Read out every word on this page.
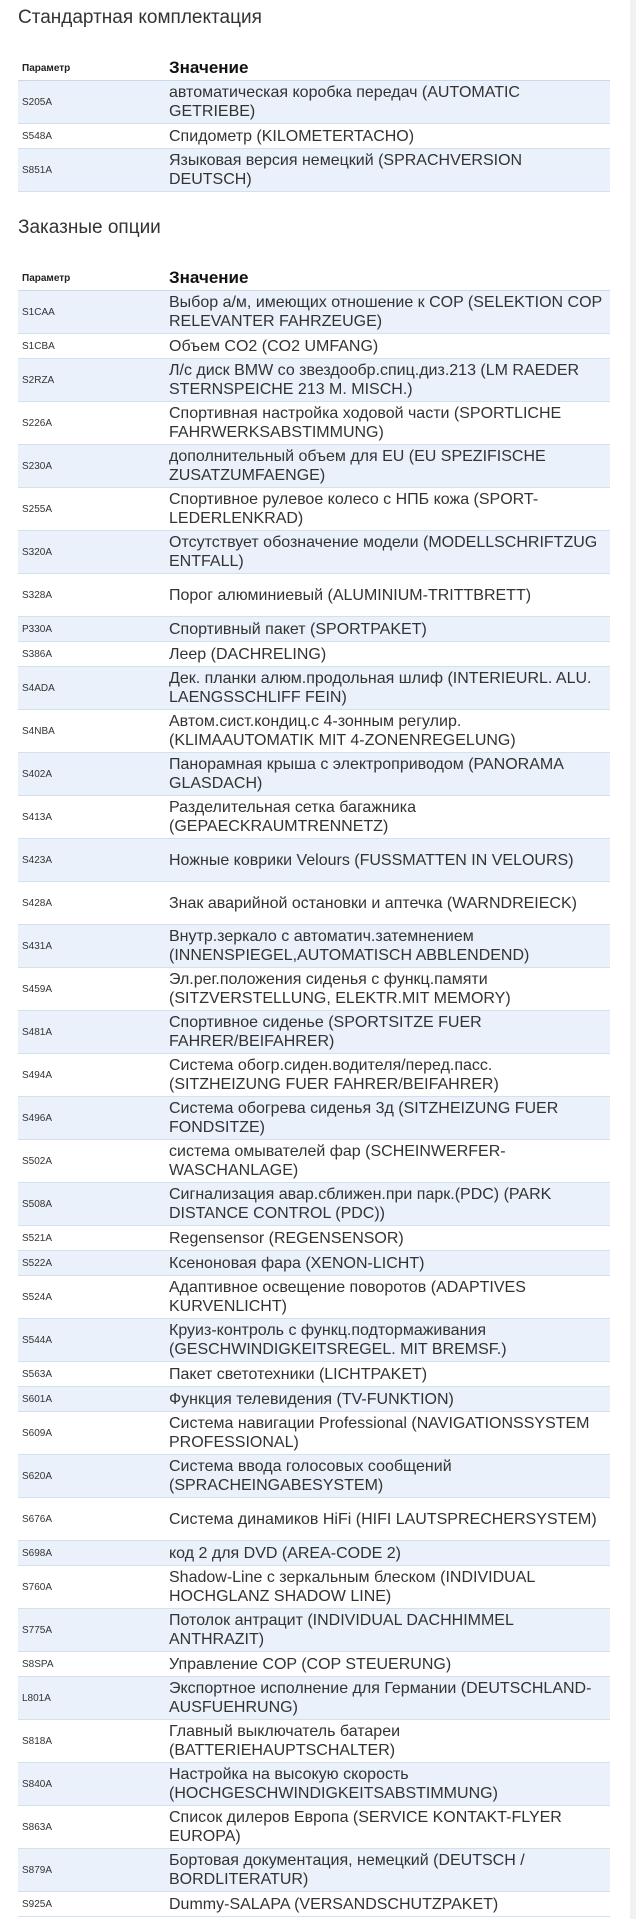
Стандартная комплектация
Параметр	Значение
S205A	автоматическая коробка передач (AUTOMATIC GETRIEBE)
S548A	Спидометр (KILOMETERTACHO)
S851A	Языковая версия немецкий (SPRACHVERSION DEUTSCH)
Заказные опции
Параметр	Значение
S1CAA	Выбор а/м, имеющих отношение к COP (SELEKTION COP RELEVANTER FAHRZEUGE)
S1CBA	Объем CO2 (CO2 UMFANG)
S2RZA	Л/с диск BMW со звездообр.спиц.диз.213 (LM RAEDER STERNSPEICHE 213 M. MISCH.)
S226A	Спортивная настройка ходовой части (SPORTLICHE FAHRWERKSABSTIMMUNG)
S230A	дополнительный объем для EU (EU SPEZIFISCHE ZUSATZUMFAENGE)
S255A	Спортивное рулевое колесо с НПБ кожа (SPORT-LEDERLENKRAD)
S320A	Отсутствует обозначение модели (MODELLSCHRIFTZUG ENTFALL)
S328A	Порог алюминиевый (ALUMINIUM-TRITTBRETT)
P330A	Спортивный пакет (SPORTPAKET)
S386A	Леер (DACHRELING)
S4ADA	Дек. планки алюм.продольная шлиф (INTERIEURL. ALU. LAENGSSCHLIFF FEIN)
S4NBA	Автом.сист.кондиц.с 4-зонным регулир. (KLIMAAUTOMATIK MIT 4-ZONENREGELUNG)
S402A	Панорамная крыша с электроприводом (PANORAMA GLASDACH)
S413A	Разделительная сетка багажника (GEPAECKRAUMTRENNETZ)
S423A	Ножные коврики Velours (FUSSMATTEN IN VELOURS)
S428A	Знак аварийной остановки и аптечка (WARNDREIECK)
S431A	Внутр.зеркало с автоматич.затемнением (INNENSPIEGEL,AUTOMATISCH ABBLENDEND)
S459A	Эл.рег.положения сиденья с функц.памяти (SITZVERSTELLUNG, ELEKTR.MIT MEMORY)
S481A	Спортивное сиденье (SPORTSITZE FUER FAHRER/BEIFAHRER)
S494A	Система обогр.сиден.водителя/перед.пасс. (SITZHEIZUNG FUER FAHRER/BEIFAHRER)
S496A	Система обогрева сиденья 3д (SITZHEIZUNG FUER FONDSITZE)
S502A	система омывателей фар (SCHEINWERFER-WASCHANLAGE)
S508A	Сигнализация авар.сближен.при парк.(PDC) (PARK DISTANCE CONTROL (PDC))
S521A	Regensensor (REGENSENSOR)
S522A	Ксеноновая фара (XENON-LICHT)
S524A	Адаптивное освещение поворотов (ADAPTIVES KURVENLICHT)
S544A	Круиз-контроль с функц.подтормаживания (GESCHWINDIGKEITSREGEL. MIT BREMSF.)
S563A	Пакет светотехники (LICHTPAKET)
S601A	Функция телевидения (TV-FUNKTION)
S609A	Система навигации Professional (NAVIGATIONSSYSTEM PROFESSIONAL)
S620A	Система ввода голосовых сообщений (SPRACHEINGABESYSTEM)
S676A	Система динамиков HiFi (HIFI LAUTSPRECHERSYSTEM)
S698A	код 2 для DVD (AREA-CODE 2)
S760A	Shadow-Line с зеркальным блеском (INDIVIDUAL HOCHGLANZ SHADOW LINE)
S775A	Потолок антрацит (INDIVIDUAL DACHHIMMEL ANTHRAZIT)
S8SPA	Управление COP (COP STEUERUNG)
L801A	Экспортное исполнение для Германии (DEUTSCHLAND-AUSFUEHRUNG)
S818A	Главный выключатель батареи (BATTERIEHAUPTSCHALTER)
S840A	Настройка на высокую скорость (HOCHGESCHWINDIGKEITSABSTIMMUNG)
S863A	Список дилеров Европа (SERVICE KONTAKT-FLYER EUROPA)
S879A	Бортовая документация, немецкий (DEUTSCH / BORDLITERATUR)
S925A	Dummy-SALAPA (VERSANDSCHUTZPAKET)
